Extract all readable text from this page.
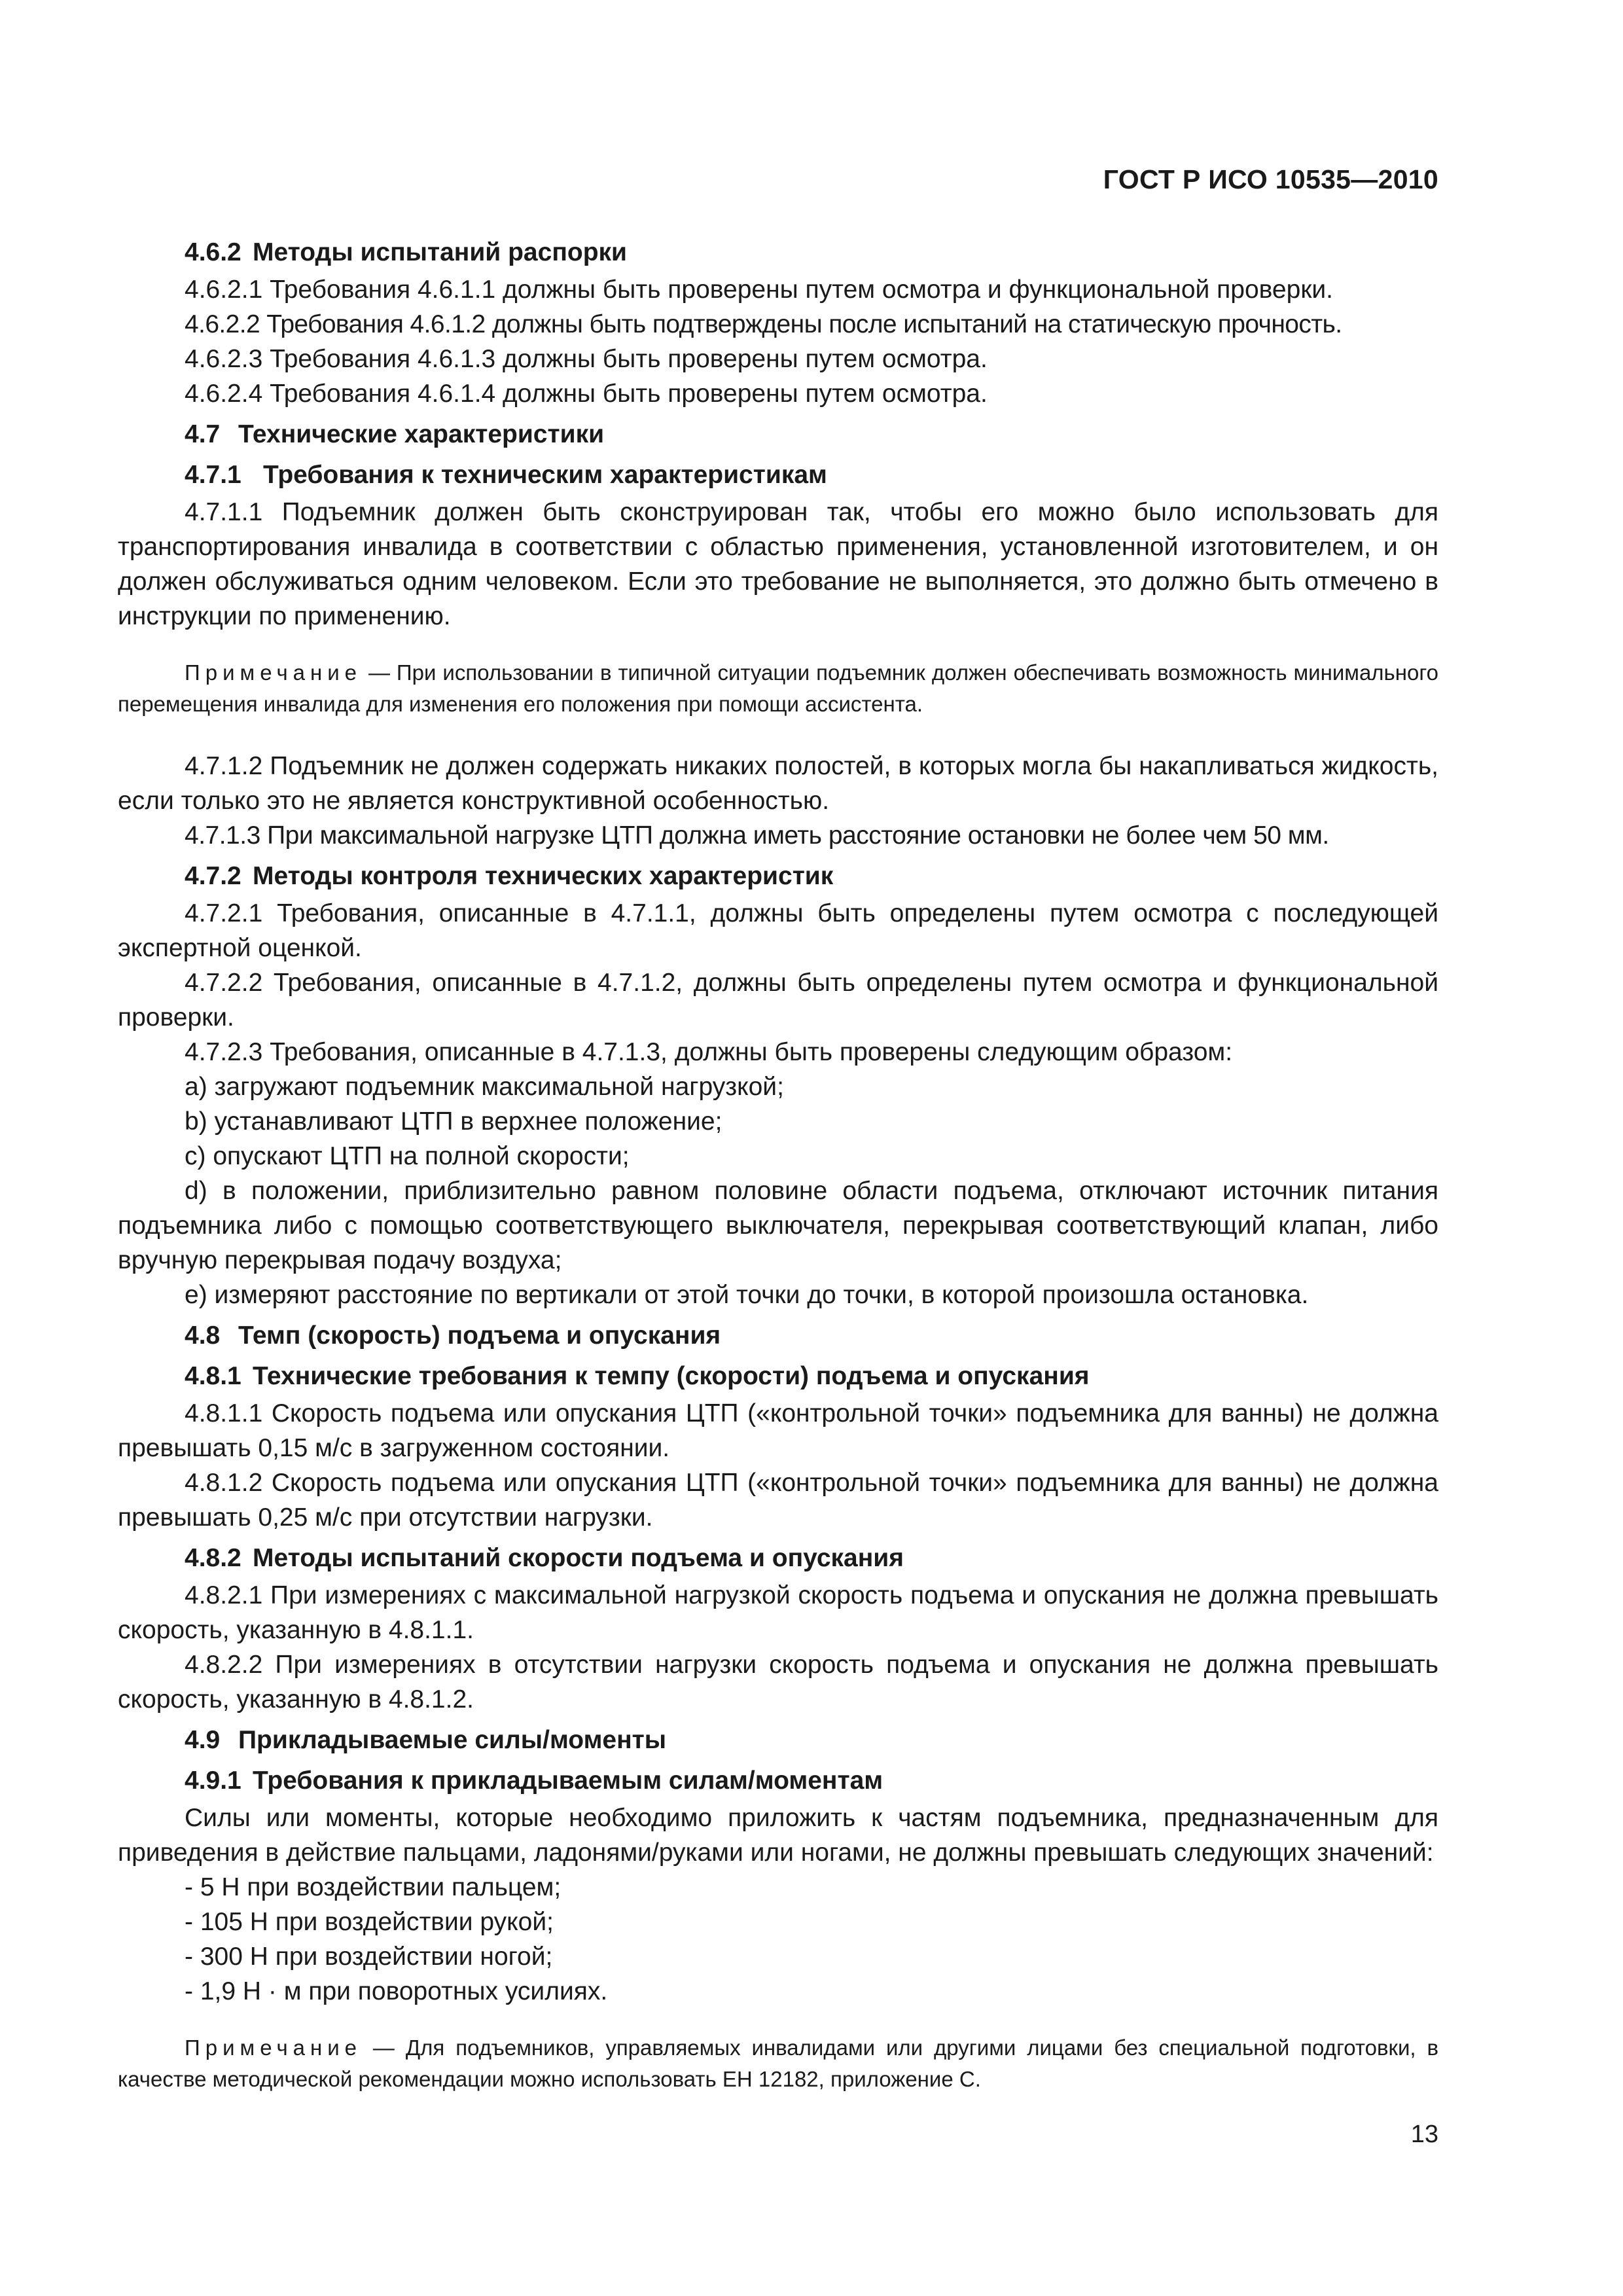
ГОСТ Р ИСО 10535—2010
4.6.2 Методы испытаний распорки

4.6.2.1 Требования 4.6.1.1 должны быть проверены путем осмотра и функциональной проверки.

4.6.2.2 Требования 4.6.1.2 должны быть подтверждены после испытаний на статическую прочность.

4.6.2.3 Требования 4.6.1.3 должны быть проверены путем осмотра.

4.6.2.4 Требования 4.6.1.4 должны быть проверены путем осмотра.

4.7 Технические характеристики
4.7.1 Требования к техническим характеристикам

4.7.1.1 Подъемник должен быть сконструирован так, чтобы его можно было использовать для транспортирования инвалида в соответствии с областью применения, установленной изготовителем, и он должен обслуживаться одним человеком. Если это требование не выполняется, это должно быть отмечено в инструкции по применению.

Примечание — При использовании в типичной ситуации подъемник должен обеспечивать возможность минимального перемещения инвалида для изменения его положения при помощи ассистента.

4.7.1.2 Подъемник не должен содержать никаких полостей, в которых могла бы накапливаться жидкость, если только это не является конструктивной особенностью.

4.7.1.3 При максимальной нагрузке ЦТП должна иметь расстояние остановки не более чем 50 мм.

4.7.2 Методы контроля технических характеристик

4.7.2.1 Требования, описанные в 4.7.1.1, должны быть определены путем осмотра с последующей экспертной оценкой.

4.7.2.2 Требования, описанные в 4.7.1.2, должны быть определены путем осмотра и функциональной проверки.

4.7.2.3 Требования, описанные в 4.7.1.3, должны быть проверены следующим образом:

a) загружают подъемник максимальной нагрузкой;

b) устанавливают ЦТП в верхнее положение;

c) опускают ЦТП на полной скорости;

d) в положении, приблизительно равном половине области подъема, отключают источник питания подъемника либо с помощью соответствующего выключателя, перекрывая соответствующий клапан, либо вручную перекрывая подачу воздуха;

e) измеряют расстояние по вертикали от этой точки до точки, в которой произошла остановка.

4.8 Темп (скорость) подъема и опускания
4.8.1 Технические требования к темпу (скорости) подъема и опускания

4.8.1.1 Скорость подъема или опускания ЦТП («контрольной точки» подъемника для ванны) не должна превышать 0,15 м/с в загруженном состоянии.

4.8.1.2 Скорость подъема или опускания ЦТП («контрольной точки» подъемника для ванны) не должна превышать 0,25 м/с при отсутствии нагрузки.

4.8.2 Методы испытаний скорости подъема и опускания

4.8.2.1 При измерениях с максимальной нагрузкой скорость подъема и опускания не должна превышать скорость, указанную в 4.8.1.1.

4.8.2.2 При измерениях в отсутствии нагрузки скорость подъема и опускания не должна превышать скорость, указанную в 4.8.1.2.

4.9 Прикладываемые силы/моменты
4.9.1 Требования к прикладываемым силам/моментам

Силы или моменты, которые необходимо приложить к частям подъемника, предназначенным для приведения в действие пальцами, ладонями/руками или ногами, не должны превышать следующих значений:

- 5 Н при воздействии пальцем;

- 105 Н при воздействии рукой;

- 300 Н при воздействии ногой;

- 1,9 Н · м при поворотных усилиях.

Примечание — Для подъемников, управляемых инвалидами или другими лицами без специальной подготовки, в качестве методической рекомендации можно использовать ЕН 12182, приложение С.
13
